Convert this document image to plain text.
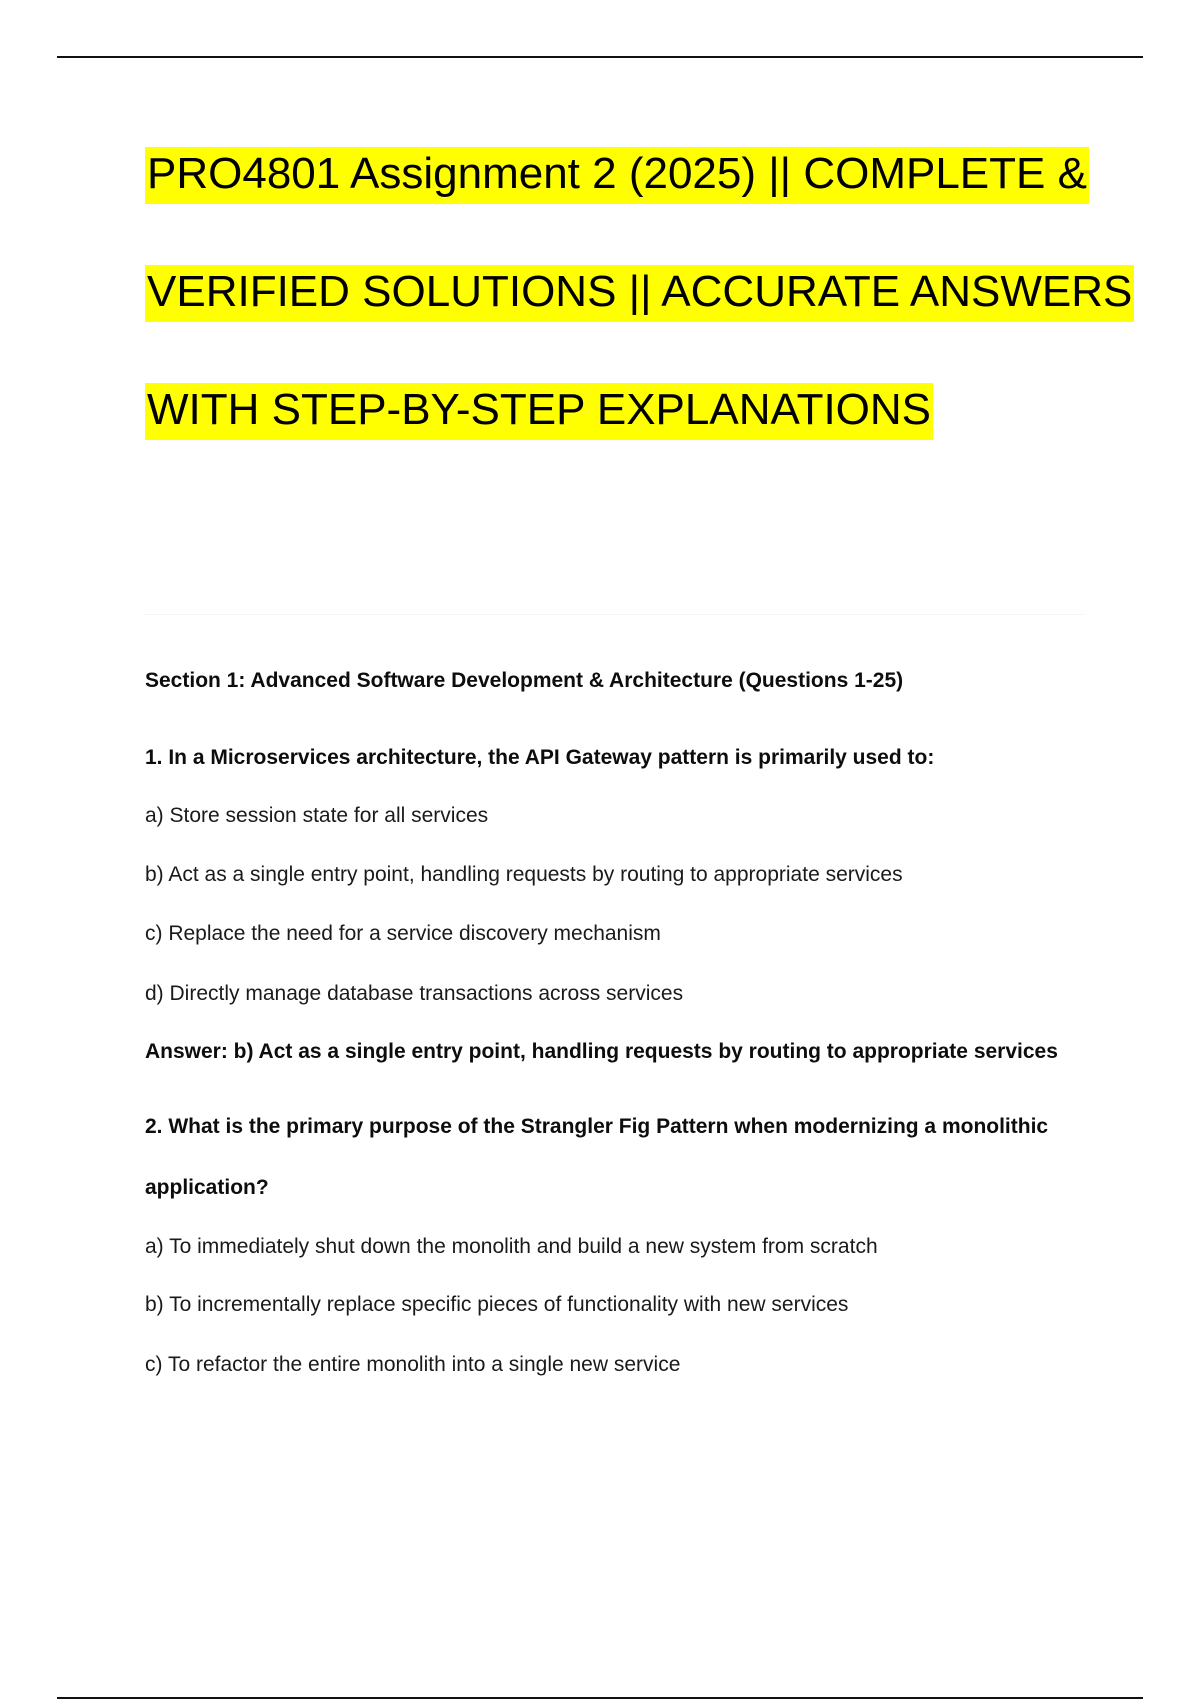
PRO4801 Assignment 2 (2025) || COMPLETE &
VERIFIED SOLUTIONS || ACCURATE ANSWERS
WITH STEP-BY-STEP EXPLANATIONS
Section 1: Advanced Software Development & Architecture (Questions 1-25)
1. In a Microservices architecture, the API Gateway pattern is primarily used to:
a) Store session state for all services
b) Act as a single entry point, handling requests by routing to appropriate services
c) Replace the need for a service discovery mechanism
d) Directly manage database transactions across services
Answer: b) Act as a single entry point, handling requests by routing to appropriate services
2. What is the primary purpose of the Strangler Fig Pattern when modernizing a monolithic
application?
a) To immediately shut down the monolith and build a new system from scratch
b) To incrementally replace specific pieces of functionality with new services
c) To refactor the entire monolith into a single new service
